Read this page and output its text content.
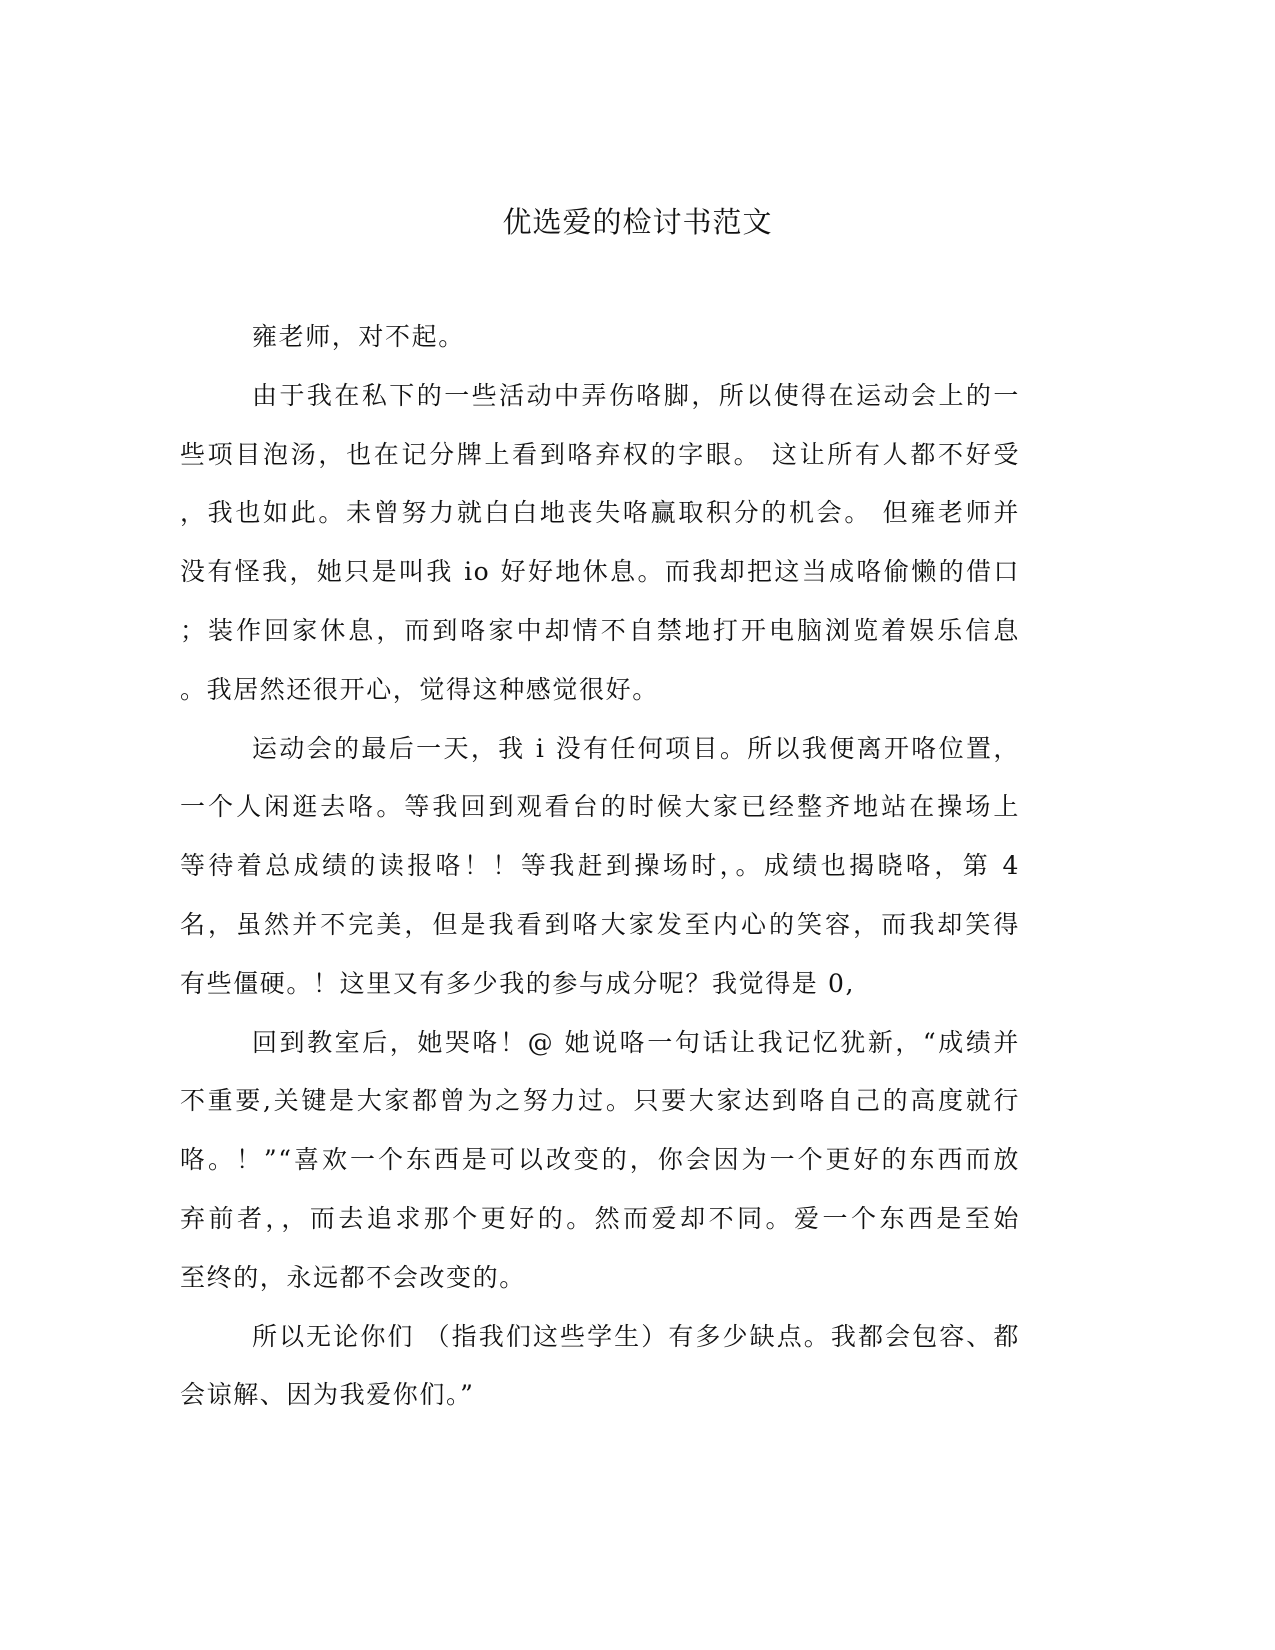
优选爱的检讨书范文
雍老师，对不起。
由于我在私下的一些活动中弄伤咯脚，所以使得在运动会上的一
些项目泡汤，也在记分牌上看到咯弃权的字眼。 这让所有人都不好受
，我也如此。未曾努力就白白地丧失咯赢取积分的机会。 但雍老师并
没有怪我，她只是叫我 io 好好地休息。而我却把这当成咯偷懒的借口
；装作回家休息，而到咯家中却情不自禁地打开电脑浏览着娱乐信息
。我居然还很开心，觉得这种感觉很好。
运动会的最后一天，我 i 没有任何项目。所以我便离开咯位置，
一个人闲逛去咯。等我回到观看台的时候大家已经整齐地站在操场上
等待着总成绩的读报咯！！等我赶到操场时，。成绩也揭晓咯，第 4
名，虽然并不完美，但是我看到咯大家发至内心的笑容，而我却笑得
有些僵硬。！这里又有多少我的参与成分呢？我觉得是 0,
回到教室后，她哭咯！@ 她说咯一句话让我记忆犹新，“成绩并
不重要,关键是大家都曾为之努力过。只要大家达到咯自己的高度就行
咯。！”“喜欢一个东西是可以改变的，你会因为一个更好的东西而放
弃前者，，而去追求那个更好的。然而爱却不同。爱一个东西是至始
至终的，永远都不会改变的。
所以无论你们 （指我们这些学生）有多少缺点。我都会包容、都
会谅解、因为我爱你们。”
